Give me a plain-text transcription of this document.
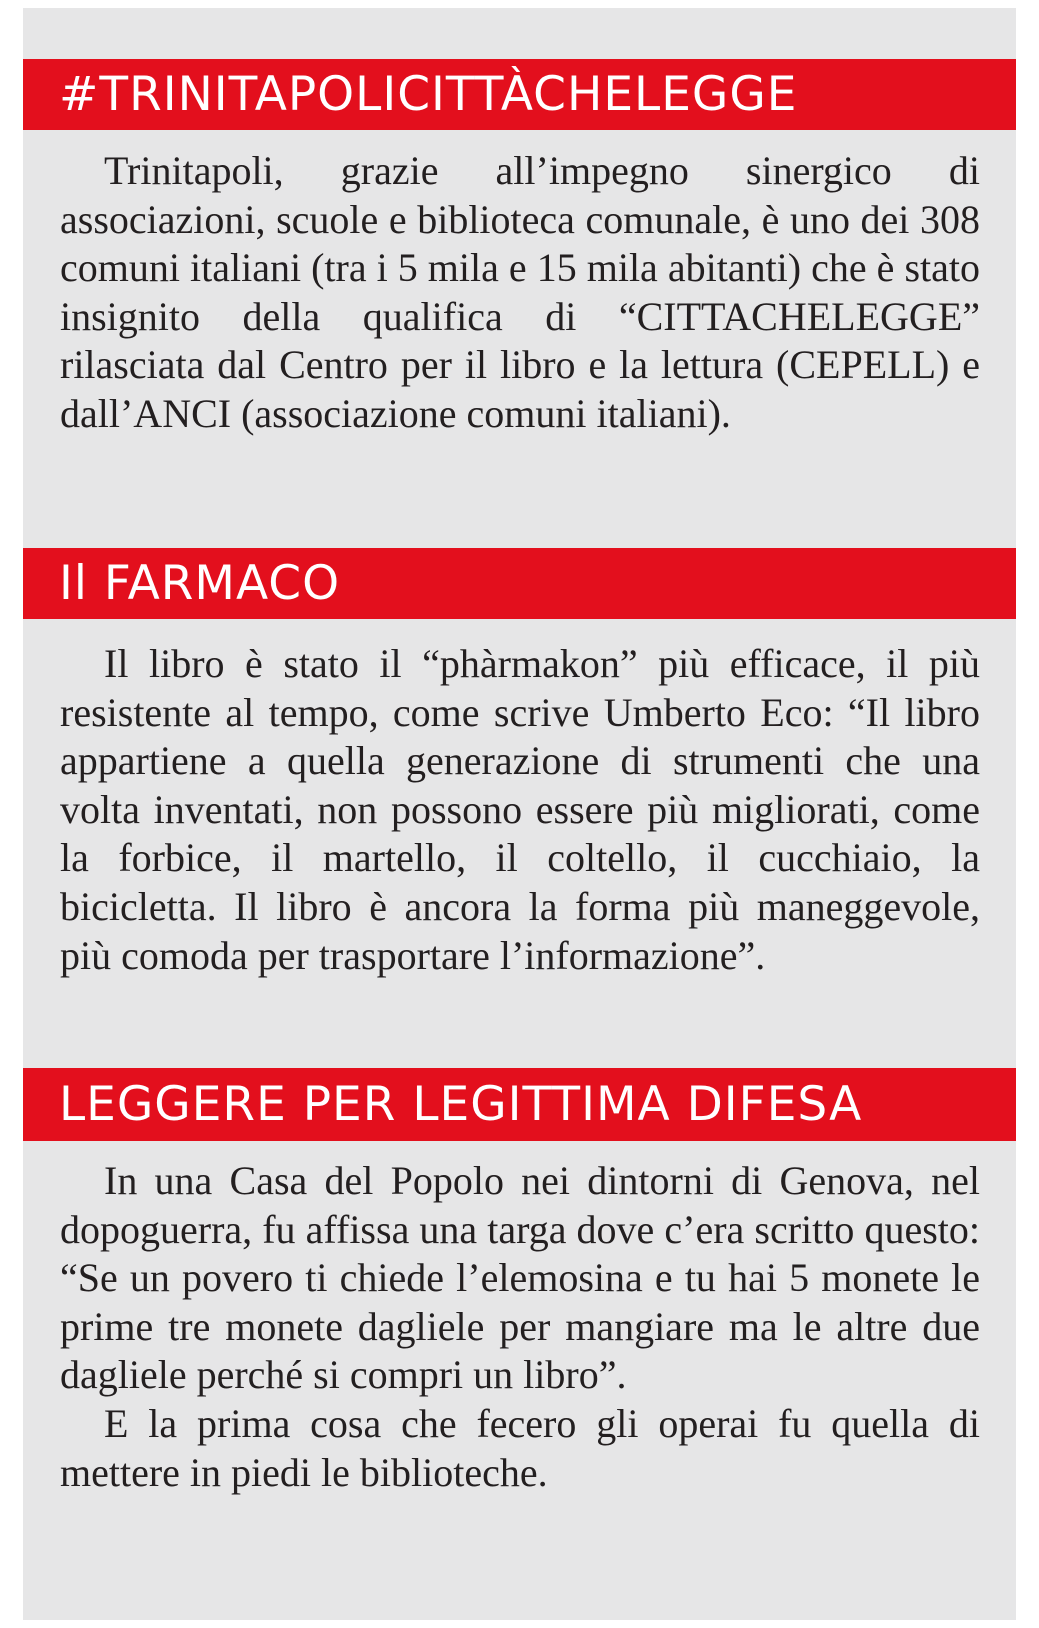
#TRINITAPOLICITTÀCHELEGGE
Trinitapoli, grazie all’impegno sinergico di associazioni, scuole e biblioteca comunale, è uno dei 308 comuni italiani (tra i 5 mila e 15 mila abitanti) che è stato insignito della qualifica di “CITTACHELEGGE” rilasciata dal Centro per il libro e la lettura (CEPELL) e dall’ANCI (associazione comuni italiani).
Il FARMACO
Il libro è stato il “phàrmakon” più efficace, il più resistente al tempo, come scrive Umberto Eco: “Il libro appartiene a quella generazione di strumenti che una volta inventati, non possono essere più migliorati, come la forbice, il martello, il coltello, il cucchiaio, la bicicletta. Il libro è ancora la forma più maneggevole, più comoda per trasportare l’informazione”.
LEGGERE PER LEGITTIMA DIFESA
In una Casa del Popolo nei dintorni di Genova, nel dopoguerra, fu affissa una targa dove c’era scritto questo: “Se un povero ti chiede l’elemosina e tu hai 5 monete le prime tre monete dagliele per mangiare ma le altre due dagliele perché si compri un libro”.
E la prima cosa che fecero gli operai fu quella di mettere in piedi le biblioteche.
